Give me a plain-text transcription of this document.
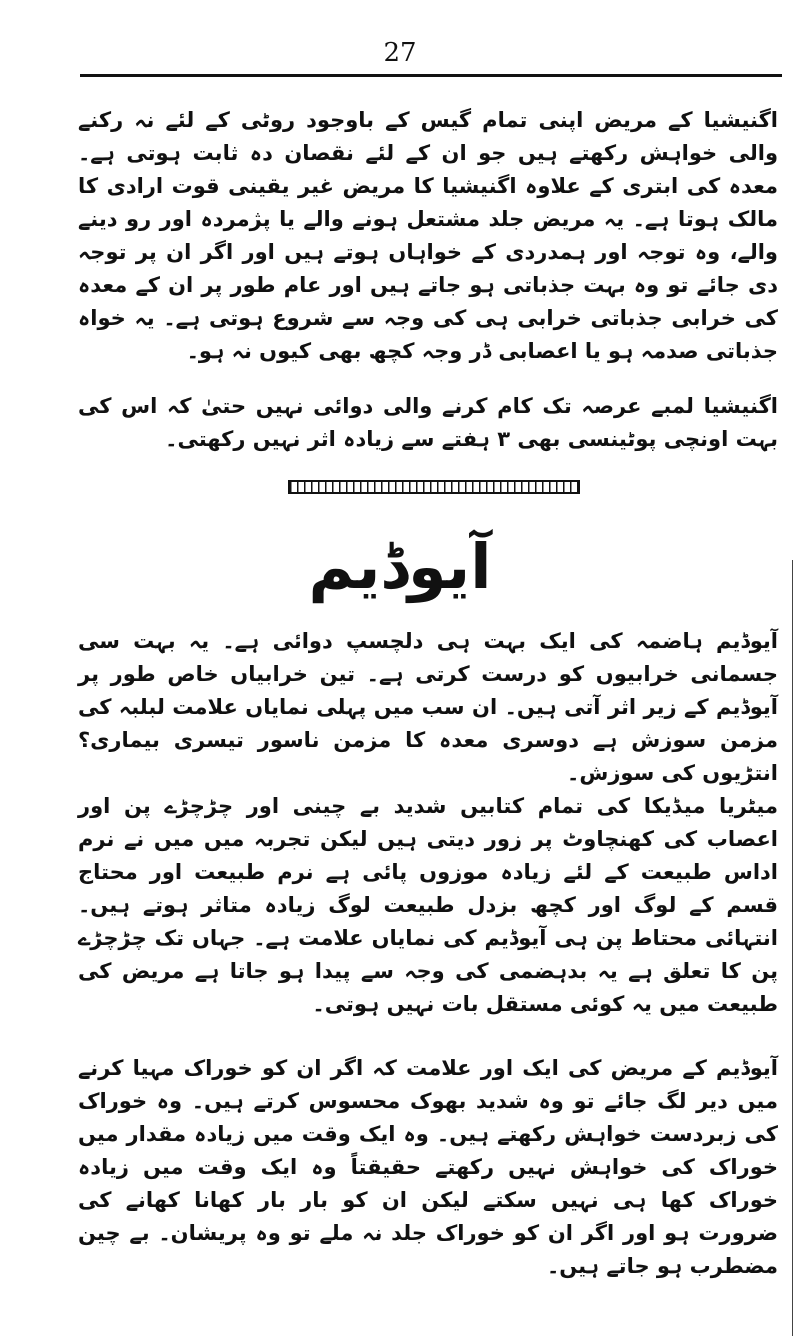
27

اگنیشیا کے مریض اپنی تمام گیس کے باوجود روٹی کے لئے نہ رکنے والی خواہش رکھتے ہیں جو ان کے لئے نقصان دہ ثابت ہوتی ہے۔ معدہ کی ابتری کے علاوہ اگنیشیا کا مریض غیر یقینی قوت ارادی کا مالک ہوتا ہے۔ یہ مریض جلد مشتعل ہونے والے یا پژمردہ اور رو دینے والے، وہ توجہ اور ہمدردی کے خواہاں ہوتے ہیں اور اگر ان پر توجہ دی جائے تو وہ بہت جذباتی ہو جاتے ہیں اور عام طور پر ان کے معدہ کی خرابی جذباتی خرابی ہی کی وجہ سے شروع ہوتی ہے۔ یہ خواہ جذباتی صدمہ ہو یا اعصابی ڈر وجہ کچھ بھی کیوں نہ ہو۔

اگنیشیا لمبے عرصہ تک کام کرنے والی دوائی نہیں حتیٰ کہ اس کی بہت اونچی پوٹینسی بھی ۳ ہفتے سے زیادہ اثر نہیں رکھتی۔

آیوڈیم

آیوڈیم ہاضمہ کی ایک بہت ہی دلچسپ دوائی ہے۔ یہ بہت سی جسمانی خرابیوں کو درست کرتی ہے۔ تین خرابیاں خاص طور پر آیوڈیم کے زیر اثر آتی ہیں۔ ان سب میں پہلی نمایاں علامت لبلبہ کی مزمن سوزش ہے دوسری معدہ کا مزمن ناسور تیسری بیماری؟ انتڑیوں کی سوزش۔

میٹریا میڈیکا کی تمام کتابیں شدید بے چینی اور چڑچڑے پن اور اعصاب کی کھنچاوٹ پر زور دیتی ہیں لیکن تجربہ میں میں نے نرم اداس طبیعت کے لئے زیادہ موزوں پائی ہے نرم طبیعت اور محتاج قسم کے لوگ اور کچھ بزدل طبیعت لوگ زیادہ متاثر ہوتے ہیں۔ انتہائی محتاط پن ہی آیوڈیم کی نمایاں علامت ہے۔ جہاں تک چڑچڑے پن کا تعلق ہے یہ بدہضمی کی وجہ سے پیدا ہو جاتا ہے مریض کی طبیعت میں یہ کوئی مستقل بات نہیں ہوتی۔

آیوڈیم کے مریض کی ایک اور علامت کہ اگر ان کو خوراک مہیا کرنے میں دیر لگ جائے تو وہ شدید بھوک محسوس کرتے ہیں۔ وہ خوراک کی زبردست خواہش رکھتے ہیں۔ وہ ایک وقت میں زیادہ مقدار میں خوراک کی خواہش نہیں رکھتے حقیقتاً وہ ایک وقت میں زیادہ خوراک کھا ہی نہیں سکتے لیکن ان کو بار بار کھانا کھانے کی ضرورت ہو اور اگر ان کو خوراک جلد نہ ملے تو وہ پریشان۔ بے چین مضطرب ہو جاتے ہیں۔
